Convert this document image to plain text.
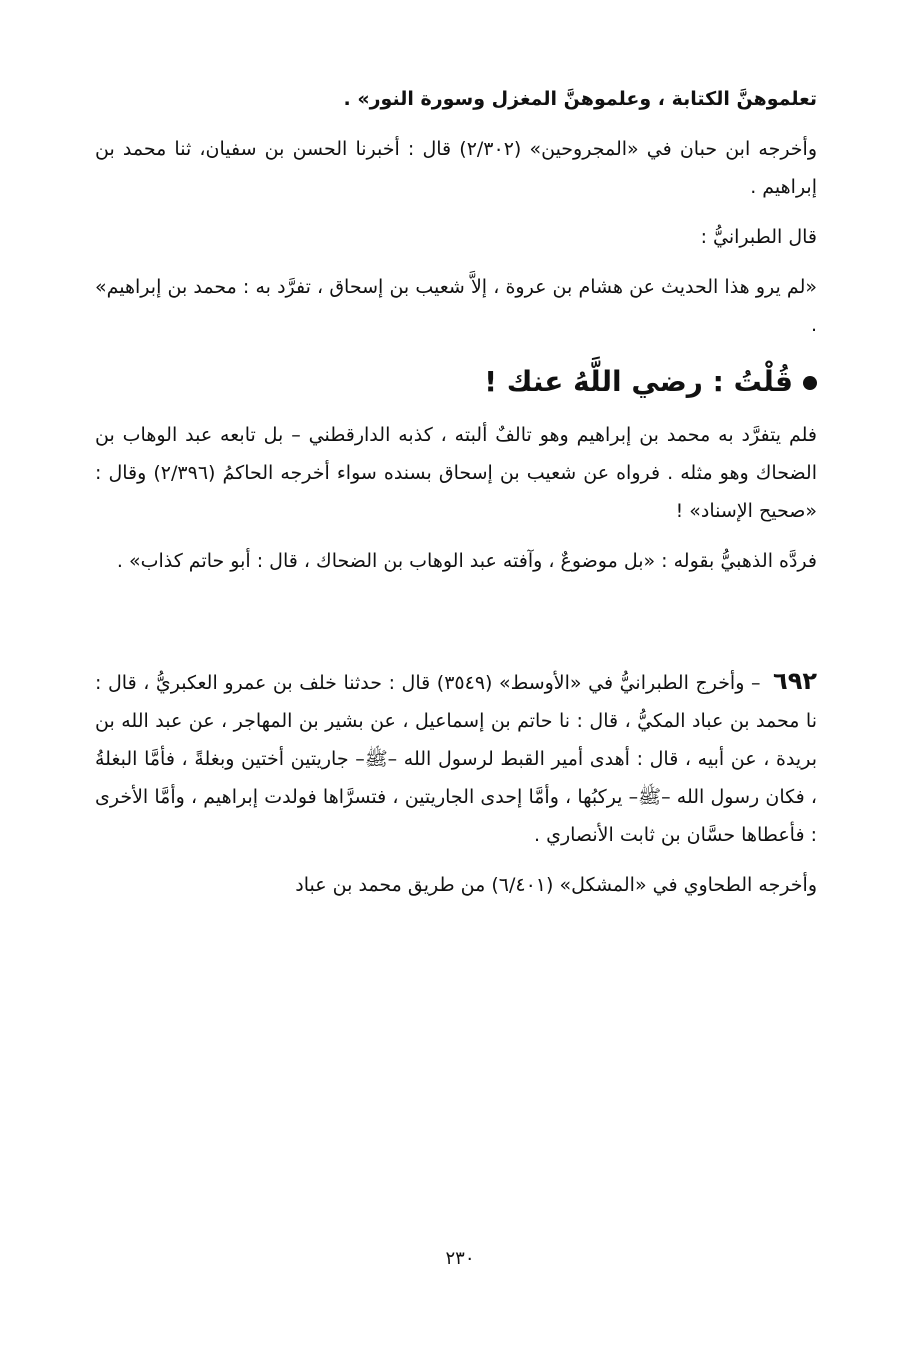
تعلموهنَّ الكتابة ، وعلموهنَّ المغزل وسورة النور» .

وأخرجه ابن حبان في «المجروحين» (٢/٣٠٢) قال : أخبرنا الحسن بن سفيان، ثنا محمد بن إبراهيم .

قال الطبرانيُّ :

«لم يرو هذا الحديث عن هشام بن عروة ، إلاَّ شعيب بن إسحاق ، تفرَّد به : محمد بن إبراهيم» .

قُلْتُ : رضي اللَّهُ عنك !

فلم يتفرَّد به محمد بن إبراهيم وهو تالفٌ ألبته ، كذبه الدارقطني – بل تابعه عبد الوهاب بن الضحاك وهو مثله . فرواه عن شعيب بن إسحاق بسنده سواء أخرجه الحاكمُ (٢/٣٩٦) وقال : «صحيح الإسناد» !

فردَّه الذهبيُّ بقوله : «بل موضوعٌ ، وآفته عبد الوهاب بن الضحاك ، قال : أبو حاتم كذاب» .

٦٩٢ – وأخرج الطبرانيُّ في «الأوسط» (٣٥٤٩) قال : حدثنا خلف بن عمرو العكبريُّ ، قال : نا محمد بن عباد المكيُّ ، قال : نا حاتم بن إسماعيل ، عن بشير بن المهاجر ، عن عبد الله بن بريدة ، عن أبيه ، قال : أهدى أمير القبط لرسول الله –ﷺ– جاريتين أختين وبغلةً ، فأمَّا البغلةُ ، فكان رسول الله –ﷺ– يركبُها ، وأمَّا إحدى الجاريتين ، فتسرَّاها فولدت إبراهيم ، وأمَّا الأخرى : فأعطاها حسَّان بن ثابت الأنصاري .

وأخرجه الطحاوي في «المشكل» (٦/٤٠١) من طريق محمد بن عباد

٢٣٠
